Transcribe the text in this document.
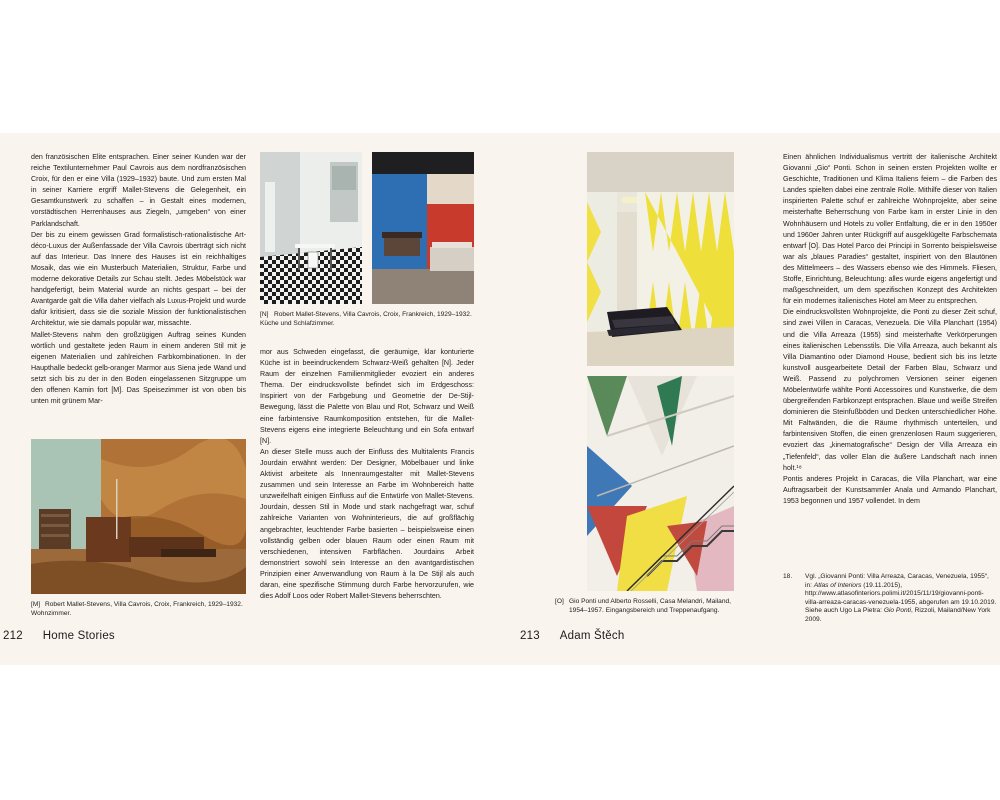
den französischen Elite entsprachen. Einer seiner Kunden war der reiche Textilunternehmer Paul Cavrois aus dem nordfranzösischen Croix, für den er eine Villa (1929–1932) baute. Und zum ersten Mal in seiner Karriere ergriff Mallet-Stevens die Gelegenheit, ein Gesamtkunstwerk zu schaffen – in Gestalt eines modernen, vorstädtischen Herrenhauses aus Ziegeln, „umgeben“ von einer Parklandschaft.

Der bis zu einem gewissen Grad formalistisch-rationalistische Art-déco-Luxus der Außenfassade der Villa Cavrois überträgt sich nicht auf das Interieur. Das Innere des Hauses ist ein reichhaltiges Mosaik, das wie ein Musterbuch Materialien, Struktur, Farbe und moderne dekorative Details zur Schau stellt. Jedes Möbelstück war handgefertigt, beim Material wurde an nichts gespart – bei der Avantgarde galt die Villa daher vielfach als Luxus-Projekt und wurde dafür kritisiert, dass sie die soziale Mission der funktionalistischen Architektur, wie sie damals populär war, missachte.

Mallet-Stevens nahm den großzügigen Auftrag seines Kunden wörtlich und gestaltete jeden Raum in einem anderen Stil mit je eigenen Materialien und zahlreichen Farbkombinationen. In der Haupthalle bedeckt gelb-oranger Marmor aus Siena jede Wand und setzt sich bis zu der in den Boden eingelassenen Sitzgruppe um den offenen Kamin fort [M]. Das Speisezimmer ist von oben bis unten mit grünem Mar-

[M] Robert Mallet-Stevens, Villa Cavrois, Croix, Frankreich, 1929–1932. Wohnzimmer.
[N] Robert Mallet-Stevens, Villa Cavrois, Croix, Frankreich, 1929–1932. Küche und Schlafzimmer.

mor aus Schweden eingefasst, die geräumige, klar konturierte Küche ist in beeindruckendem Schwarz-Weiß gehalten [N]. Jeder Raum der einzelnen Familienmitglieder evoziert ein anderes Thema. Der eindrucksvollste befindet sich im Erdgeschoss: Inspiriert von der Farbgebung und Geometrie der De-Stijl-Bewegung, lässt die Palette von Blau und Rot, Schwarz und Weiß eine farbintensive Raumkomposition entstehen, für die Mallet-Stevens eigens eine integrierte Beleuchtung und ein Sofa entwarf [N].

An dieser Stelle muss auch der Einfluss des Multitalents Francis Jourdain erwähnt werden: Der Designer, Möbelbauer und linke Aktivist arbeitete als Innenraumgestalter mit Mallet-Stevens zusammen und sein Interesse an Farbe im Wohnbereich hatte unzweifelhaft einigen Einfluss auf die Entwürfe von Mallet-Stevens. Jourdain, dessen Stil in Mode und stark nachgefragt war, schuf zahlreiche Varianten von Wohninterieurs, die auf großflächig angebrachter, leuchtender Farbe basierten – beispielsweise einen vollständig gelben oder blauen Raum oder einen Raum mit verschiedenen, intensiven Farbflächen. Jourdains Arbeit demonstriert sowohl sein Interesse an den avantgardistischen Prinzipien einer Anverwandlung von Raum à la De Stijl als auch daran, eine spezifische Stimmung durch Farbe hervorzurufen, wie dies Adolf Loos oder Robert Mallet-Stevens beherrschten.

212 Home Stories
[O] Gio Ponti und Alberto Rosselli, Casa Melandri, Mailand, 1954–1957. Eingangsbereich und Treppenaufgang.

Einen ähnlichen Individualismus vertritt der italienische Architekt Giovanni „Gio“ Ponti. Schon in seinen ersten Projekten wollte er Geschichte, Traditionen und Klima Italiens feiern – die Farben des Landes spielten dabei eine zentrale Rolle. Mithilfe dieser von Italien inspirierten Palette schuf er zahlreiche Wohnprojekte, aber seine meisterhafte Beherrschung von Farbe kam in erster Linie in den Wohnhäusern und Hotels zu voller Entfaltung, die er in den 1950er und 1960er Jahren unter Rückgriff auf ausgeklügelte Farbschemata entwarf [O]. Das Hotel Parco dei Principi in Sorrento beispielsweise war als „blaues Paradies“ gestaltet, inspiriert von den Blautönen des Mittelmeers – des Wassers ebenso wie des Himmels. Fliesen, Stoffe, Einrichtung, Beleuchtung: alles wurde eigens angefertigt und maßgeschneidert, um dem spezifischen Konzept des Architekten für ein modernes italienisches Hotel am Meer zu entsprechen.

Die eindrucksvollsten Wohnprojekte, die Ponti zu dieser Zeit schuf, sind zwei Villen in Caracas, Venezuela. Die Villa Planchart (1954) und die Villa Arreaza (1955) sind meisterhafte Verkörperungen eines italienischen Lebensstils. Die Villa Arreaza, auch bekannt als Villa Diamantino oder Diamond House, bedient sich bis ins letzte kunstvoll ausgearbeitete Detail der Farben Blau, Schwarz und Weiß. Passend zu polychromen Versionen seiner eigenen Möbelentwürfe wählte Ponti Accessoires und Kunstwerke, die dem übergreifenden Farbkonzept entsprachen. Blaue und weiße Streifen dominieren die Steinfußböden und Decken unterschiedlicher Höhe. Mit Faltwänden, die die Räume rhythmisch unterteilen, und farbintensiven Stoffen, die einen grenzenlosen Raum suggerieren, evoziert das „kinematografische“ Design der Villa Arreaza ein „Tiefenfeld“, das voller Elan die äußere Landschaft nach innen holt.¹⁸

Pontis anderes Projekt in Caracas, die Villa Planchart, war eine Auftragsarbeit der Kunstsammler Anala und Armando Planchart, 1953 begonnen und 1957 vollendet. In dem

18. Vgl. „Giovanni Ponti: Villa Arreaza, Caracas, Venezuela, 1955“, in: Atlas of Interiors (19.11.2015), http://www.atlasofinteriors.polimi.it/2015/11/19/giovanni-ponti-villa-arreaza-caracas-venezuela-1955, abgerufen am 19.10.2019. Siehe auch Ugo La Pietra: Gio Ponti, Rizzoli, Mailand/New York 2009.
213 Adam Štěch
